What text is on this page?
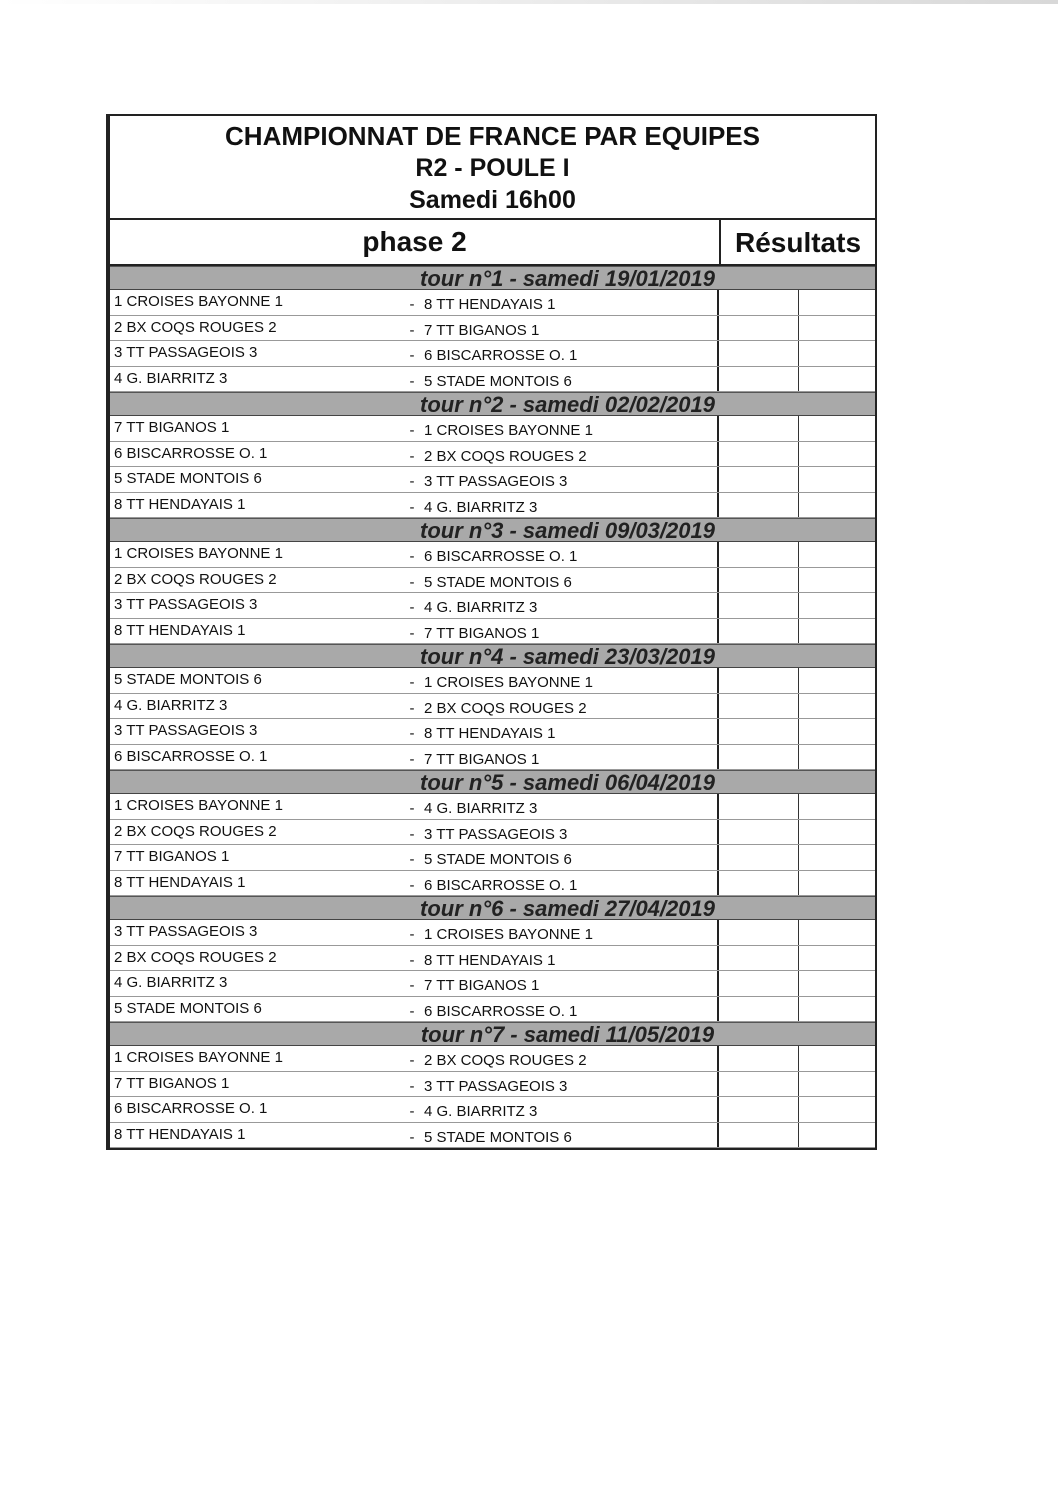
CHAMPIONNAT DE FRANCE PAR EQUIPES
R2 - POULE I
Samedi 16h00
phase 2	Résultats
tour n°1 - samedi 19/01/2019
1 CROISES BAYONNE 1	- 8 TT HENDAYAIS 1
2 BX COQS ROUGES 2	- 7 TT BIGANOS 1
3 TT PASSAGEOIS 3	- 6 BISCARROSSE O. 1
4 G. BIARRITZ 3	- 5 STADE MONTOIS 6
tour n°2 - samedi 02/02/2019
7 TT BIGANOS 1	- 1 CROISES BAYONNE 1
6 BISCARROSSE O. 1	- 2 BX COQS ROUGES 2
5 STADE MONTOIS 6	- 3 TT PASSAGEOIS 3
8 TT HENDAYAIS 1	- 4 G. BIARRITZ 3
tour n°3 - samedi 09/03/2019
1 CROISES BAYONNE 1	- 6 BISCARROSSE O. 1
2 BX COQS ROUGES 2	- 5 STADE MONTOIS 6
3 TT PASSAGEOIS 3	- 4 G. BIARRITZ 3
8 TT HENDAYAIS 1	- 7 TT BIGANOS 1
tour n°4 - samedi 23/03/2019
5 STADE MONTOIS 6	- 1 CROISES BAYONNE 1
4 G. BIARRITZ 3	- 2 BX COQS ROUGES 2
3 TT PASSAGEOIS 3	- 8 TT HENDAYAIS 1
6 BISCARROSSE O. 1	- 7 TT BIGANOS 1
tour n°5 - samedi 06/04/2019
1 CROISES BAYONNE 1	- 4 G. BIARRITZ 3
2 BX COQS ROUGES 2	- 3 TT PASSAGEOIS 3
7 TT BIGANOS 1	- 5 STADE MONTOIS 6
8 TT HENDAYAIS 1	- 6 BISCARROSSE O. 1
tour n°6 - samedi 27/04/2019
3 TT PASSAGEOIS 3	- 1 CROISES BAYONNE 1
2 BX COQS ROUGES 2	- 8 TT HENDAYAIS 1
4 G. BIARRITZ 3	- 7 TT BIGANOS 1
5 STADE MONTOIS 6	- 6 BISCARROSSE O. 1
tour n°7 - samedi 11/05/2019
1 CROISES BAYONNE 1	- 2 BX COQS ROUGES 2
7 TT BIGANOS 1	- 3 TT PASSAGEOIS 3
6 BISCARROSSE O. 1	- 4 G. BIARRITZ 3
8 TT HENDAYAIS 1	- 5 STADE MONTOIS 6
